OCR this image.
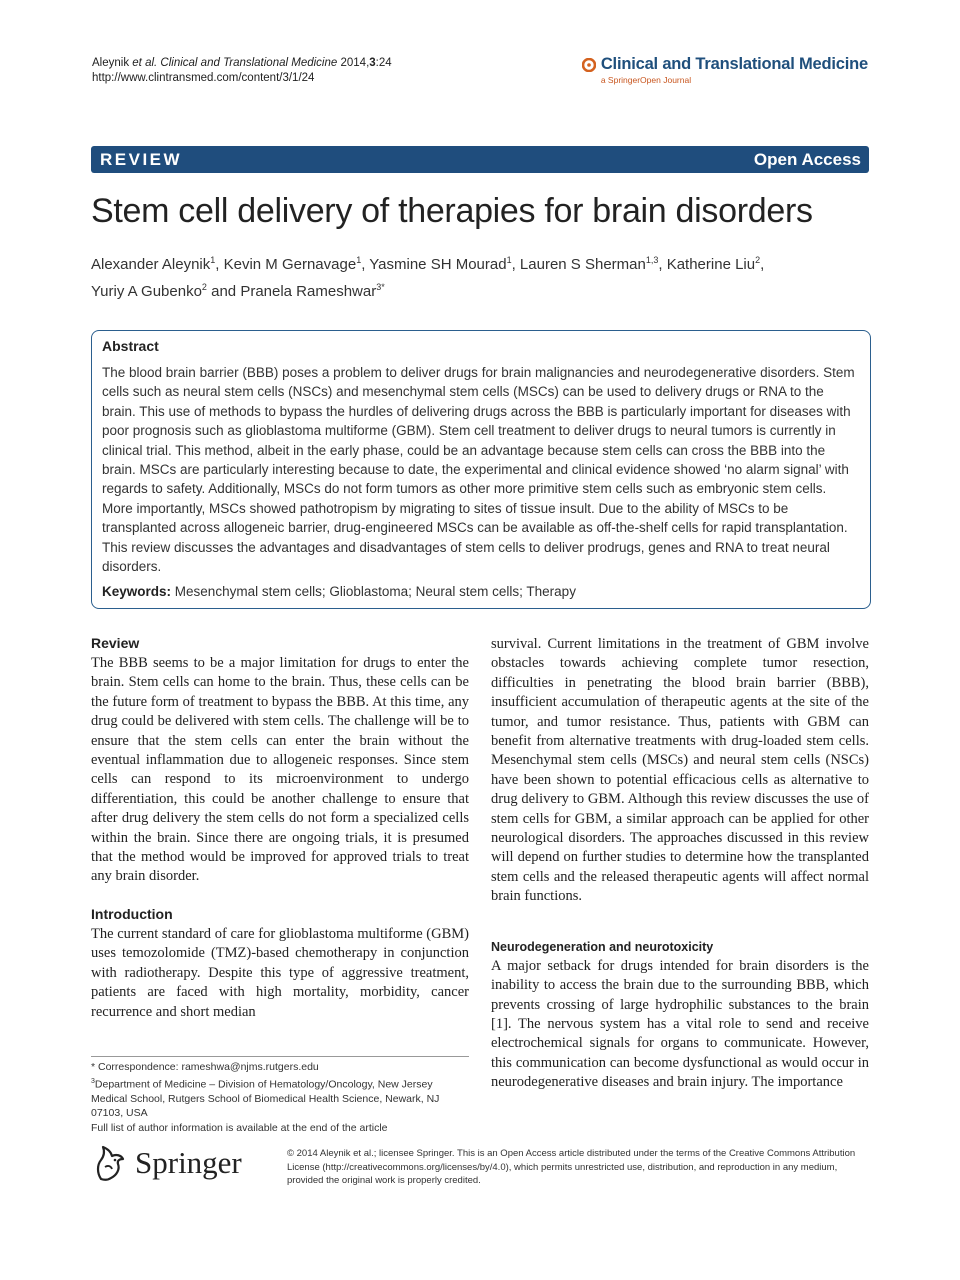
Aleynik et al. Clinical and Translational Medicine 2014,3:24
http://www.clintransmed.com/content/3/1/24
Clinical and Translational Medicine
a SpringerOpen Journal
REVIEW	Open Access
Stem cell delivery of therapies for brain disorders
Alexander Aleynik$^1$, Kevin M Gernavage$^1$, Yasmine SH Mourad$^1$, Lauren S Sherman$^{1,3}$, Katherine Liu$^2$,
Yuriy A Gubenko$^2$ and Pranela Rameshwar$^{3*}$
Abstract
The blood brain barrier (BBB) poses a problem to deliver drugs for brain malignancies and neurodegenerative disorders. Stem cells such as neural stem cells (NSCs) and mesenchymal stem cells (MSCs) can be used to delivery drugs or RNA to the brain. This use of methods to bypass the hurdles of delivering drugs across the BBB is particularly important for diseases with poor prognosis such as glioblastoma multiforme (GBM). Stem cell treatment to deliver drugs to neural tumors is currently in clinical trial. This method, albeit in the early phase, could be an advantage because stem cells can cross the BBB into the brain. MSCs are particularly interesting because to date, the experimental and clinical evidence showed ‘no alarm signal’ with regards to safety. Additionally, MSCs do not form tumors as other more primitive stem cells such as embryonic stem cells. More importantly, MSCs showed pathotropism by migrating to sites of tissue insult. Due to the ability of MSCs to be transplanted across allogeneic barrier, drug-engineered MSCs can be available as off-the-shelf cells for rapid transplantation. This review discusses the advantages and disadvantages of stem cells to deliver prodrugs, genes and RNA to treat neural disorders.
Keywords: Mesenchymal stem cells; Glioblastoma; Neural stem cells; Therapy
Review

The BBB seems to be a major limitation for drugs to enter the brain. Stem cells can home to the brain. Thus, these cells can be the future form of treatment to bypass the BBB. At this time, any drug could be delivered with stem cells. The challenge will be to ensure that the stem cells can enter the brain without the eventual inflammation due to allogeneic responses. Since stem cells can respond to its microenvironment to undergo differentiation, this could be another challenge to ensure that after drug delivery the stem cells do not form a specialized cells within the brain. Since there are ongoing trials, it is presumed that the method would be improved for approved trials to treat any brain disorder.

Introduction

The current standard of care for glioblastoma multiforme (GBM) uses temozolomide (TMZ)-based chemotherapy in conjunction with radiotherapy. Despite this type of aggressive treatment, patients are faced with high mortality, morbidity, cancer recurrence and short median

survival. Current limitations in the treatment of GBM involve obstacles towards achieving complete tumor resection, difficulties in penetrating the blood brain barrier (BBB), insufficient accumulation of therapeutic agents at the site of the tumor, and tumor resistance. Thus, patients with GBM can benefit from alternative treatments with drug-loaded stem cells. Mesenchymal stem cells (MSCs) and neural stem cells (NSCs) have been shown to potential efficacious cells as alternative to drug delivery to GBM. Although this review discusses the use of stem cells for GBM, a similar approach can be applied for other neurological disorders. The approaches discussed in this review will depend on further studies to determine how the transplanted stem cells and the released therapeutic agents will affect normal brain functions.

Neurodegeneration and neurotoxicity

A major setback for drugs intended for brain disorders is the inability to access the brain due to the surrounding BBB, which prevents crossing of large hydrophilic substances to the brain [1]. The nervous system has a vital role to send and receive electrochemical signals for organs to communicate. However, this communication can become dysfunctional as would occur in neurodegenerative diseases and brain injury. The importance

* Correspondence: rameshwa@njms.rutgers.edu
$^3$Department of Medicine – Division of Hematology/Oncology, New Jersey Medical School, Rutgers School of Biomedical Health Science, Newark, NJ 07103, USA
Full list of author information is available at the end of the article
Springer	© 2014 Aleynik et al.; licensee Springer. This is an Open Access article distributed under the terms of the Creative Commons Attribution License (http://creativecommons.org/licenses/by/4.0), which permits unrestricted use, distribution, and reproduction in any medium, provided the original work is properly credited.
